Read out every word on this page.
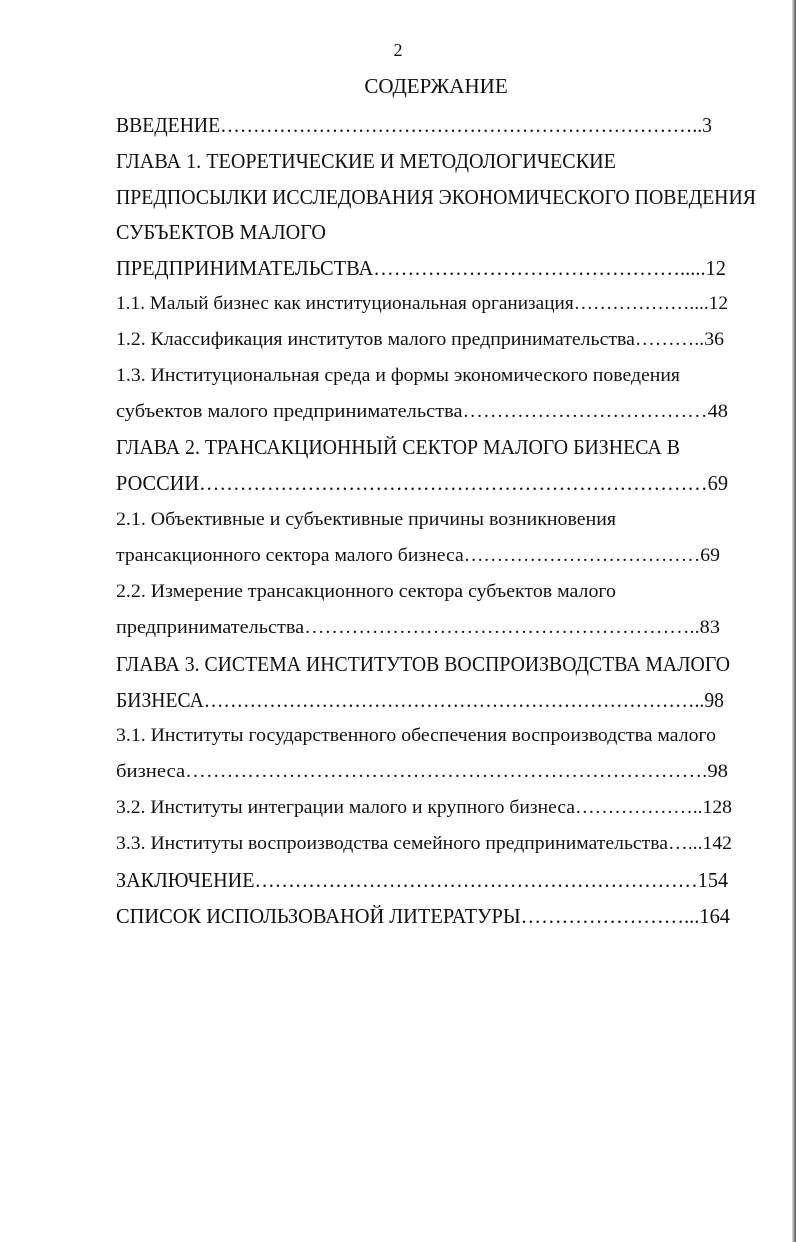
2
СОДЕРЖАНИЕ
ВВЕДЕНИЕ………………………………………………………………..3
ГЛАВА 1. ТЕОРЕТИЧЕСКИЕ И МЕТОДОЛОГИЧЕСКИЕ
ПРЕДПОСЫЛКИ ИССЛЕДОВАНИЯ ЭКОНОМИЧЕСКОГО ПОВЕДЕНИЯ
СУБЪЕКТОВ МАЛОГО
ПРЕДПРИНИМАТЕЛЬСТВА……………………………………….....12
1.1. Малый бизнес как институциональная организация………………....12
1.2. Классификация институтов малого предпринимательства………..36
1.3. Институциональная среда и формы экономического поведения
субъектов малого предпринимательства………………………………48
ГЛАВА 2. ТРАНСАКЦИОННЫЙ СЕКТОР МАЛОГО БИЗНЕСА В
РОССИИ…………………………………………………………………69
2.1. Объективные и субъективные причины возникновения
трансакционного сектора малого бизнеса………………………………69
2.2. Измерение трансакционного сектора субъектов малого
предпринимательства…………………………………………………..83
ГЛАВА 3. СИСТЕМА ИНСТИТУТОВ ВОСПРОИЗВОДСТВА МАЛОГО
БИЗНЕСА…………………………………………………………………..98
3.1. Институты государственного обеспечения воспроизводства малого
бизнеса………………………………………………………………….98
3.2. Институты интеграции малого и крупного бизнеса………………..128
3.3. Институты воспроизводства семейного предпринимательства…...142
ЗАКЛЮЧЕНИЕ…………………………………………………………154
СПИСОК ИСПОЛЬЗОВАНОЙ ЛИТЕРАТУРЫ……………………...164
